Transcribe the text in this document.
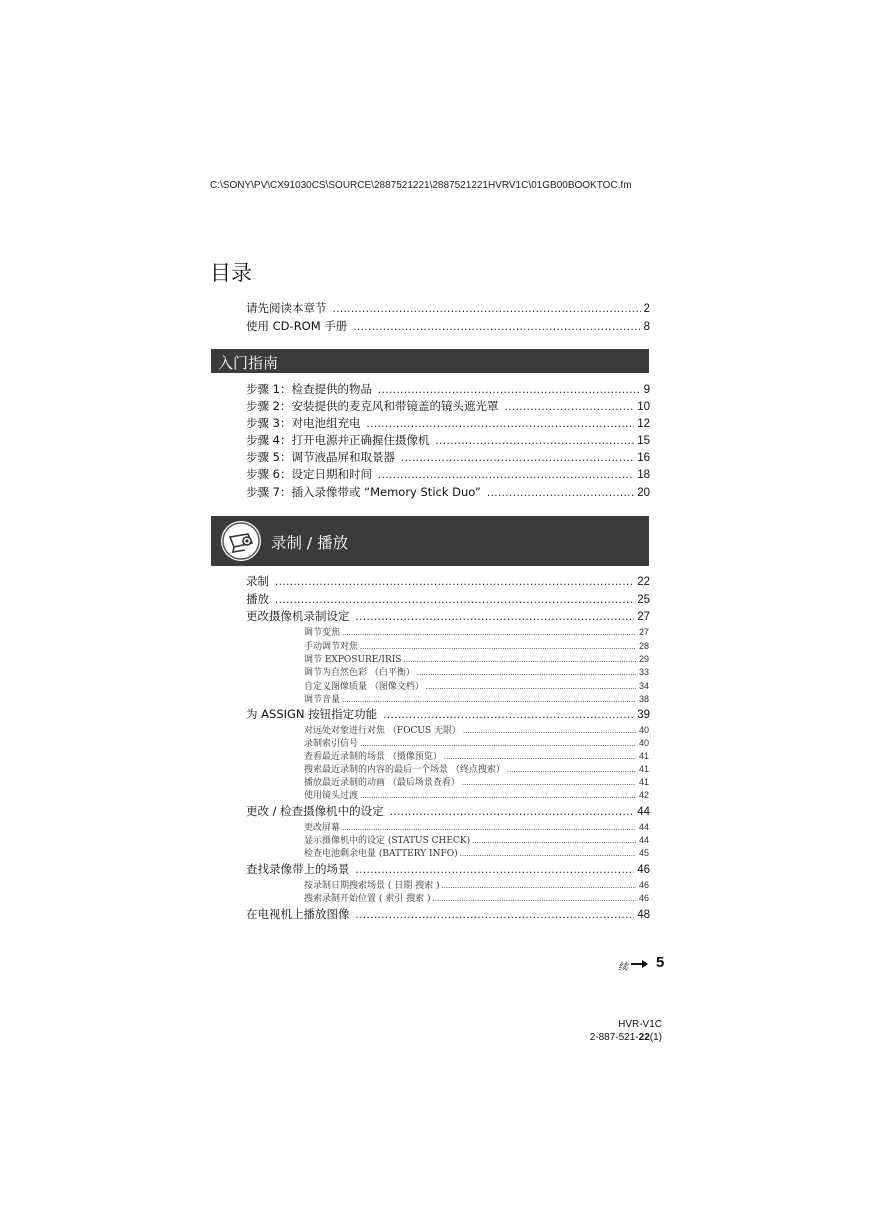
C:\SONY\PV\CX91030CS\SOURCE\2887521221\2887521221HVRV1C\01GB00BOOKTOC.fm
目录
请先阅读本章节 .....	2
使用 CD-ROM 手册 .....	8
入门指南
步骤 1：检查提供的物品 .....	9
步骤 2：安装提供的麦克风和带镜盖的镜头遮光罩 .....	10
步骤 3：对电池组充电 .....	12
步骤 4：打开电源并正确握住摄像机 .....	15
步骤 5：调节液晶屏和取景器 .....	16
步骤 6：设定日期和时间 .....	18
步骤 7：插入录像带或 “Memory Stick Duo” .....	20
录制 / 播放
录制 .....	22
播放 .....	25
更改摄像机录制设定 .....	27
调节变焦 .....	27
手动调节对焦 .....	28
调节 EXPOSURE/IRIS .....	29
调节为自然色彩 （白平衡） .....	33
自定义图像质量 （图像文档） .....	34
调节音量 .....	38
为 ASSIGN 按钮指定功能 .....	39
对远处对象进行对焦 （FOCUS 无限） .....	40
录制索引信号 .....	40
查看最近录制的场景 （摄像预览） .....	41
搜索最近录制的内容的最后一个场景 （终点搜索） .....	41
播放最近录制的动画 （最后场景查看） .....	41
使用镜头过渡 .....	42
更改 / 检查摄像机中的设定 .....	44
更改屏幕 .....	44
显示摄像机中的设定 (STATUS CHECK) .....	44
检查电池剩余电量 (BATTERY INFO) .....	45
查找录像带上的场景 .....	46
按录制日期搜索场景 ( 日期 搜索 ) .....	46
搜索录制开始位置 ( 索引 搜索 ) .....	46
在电视机上播放图像 .....	48
续 5
HVR-V1C
2-887-521-22(1)
